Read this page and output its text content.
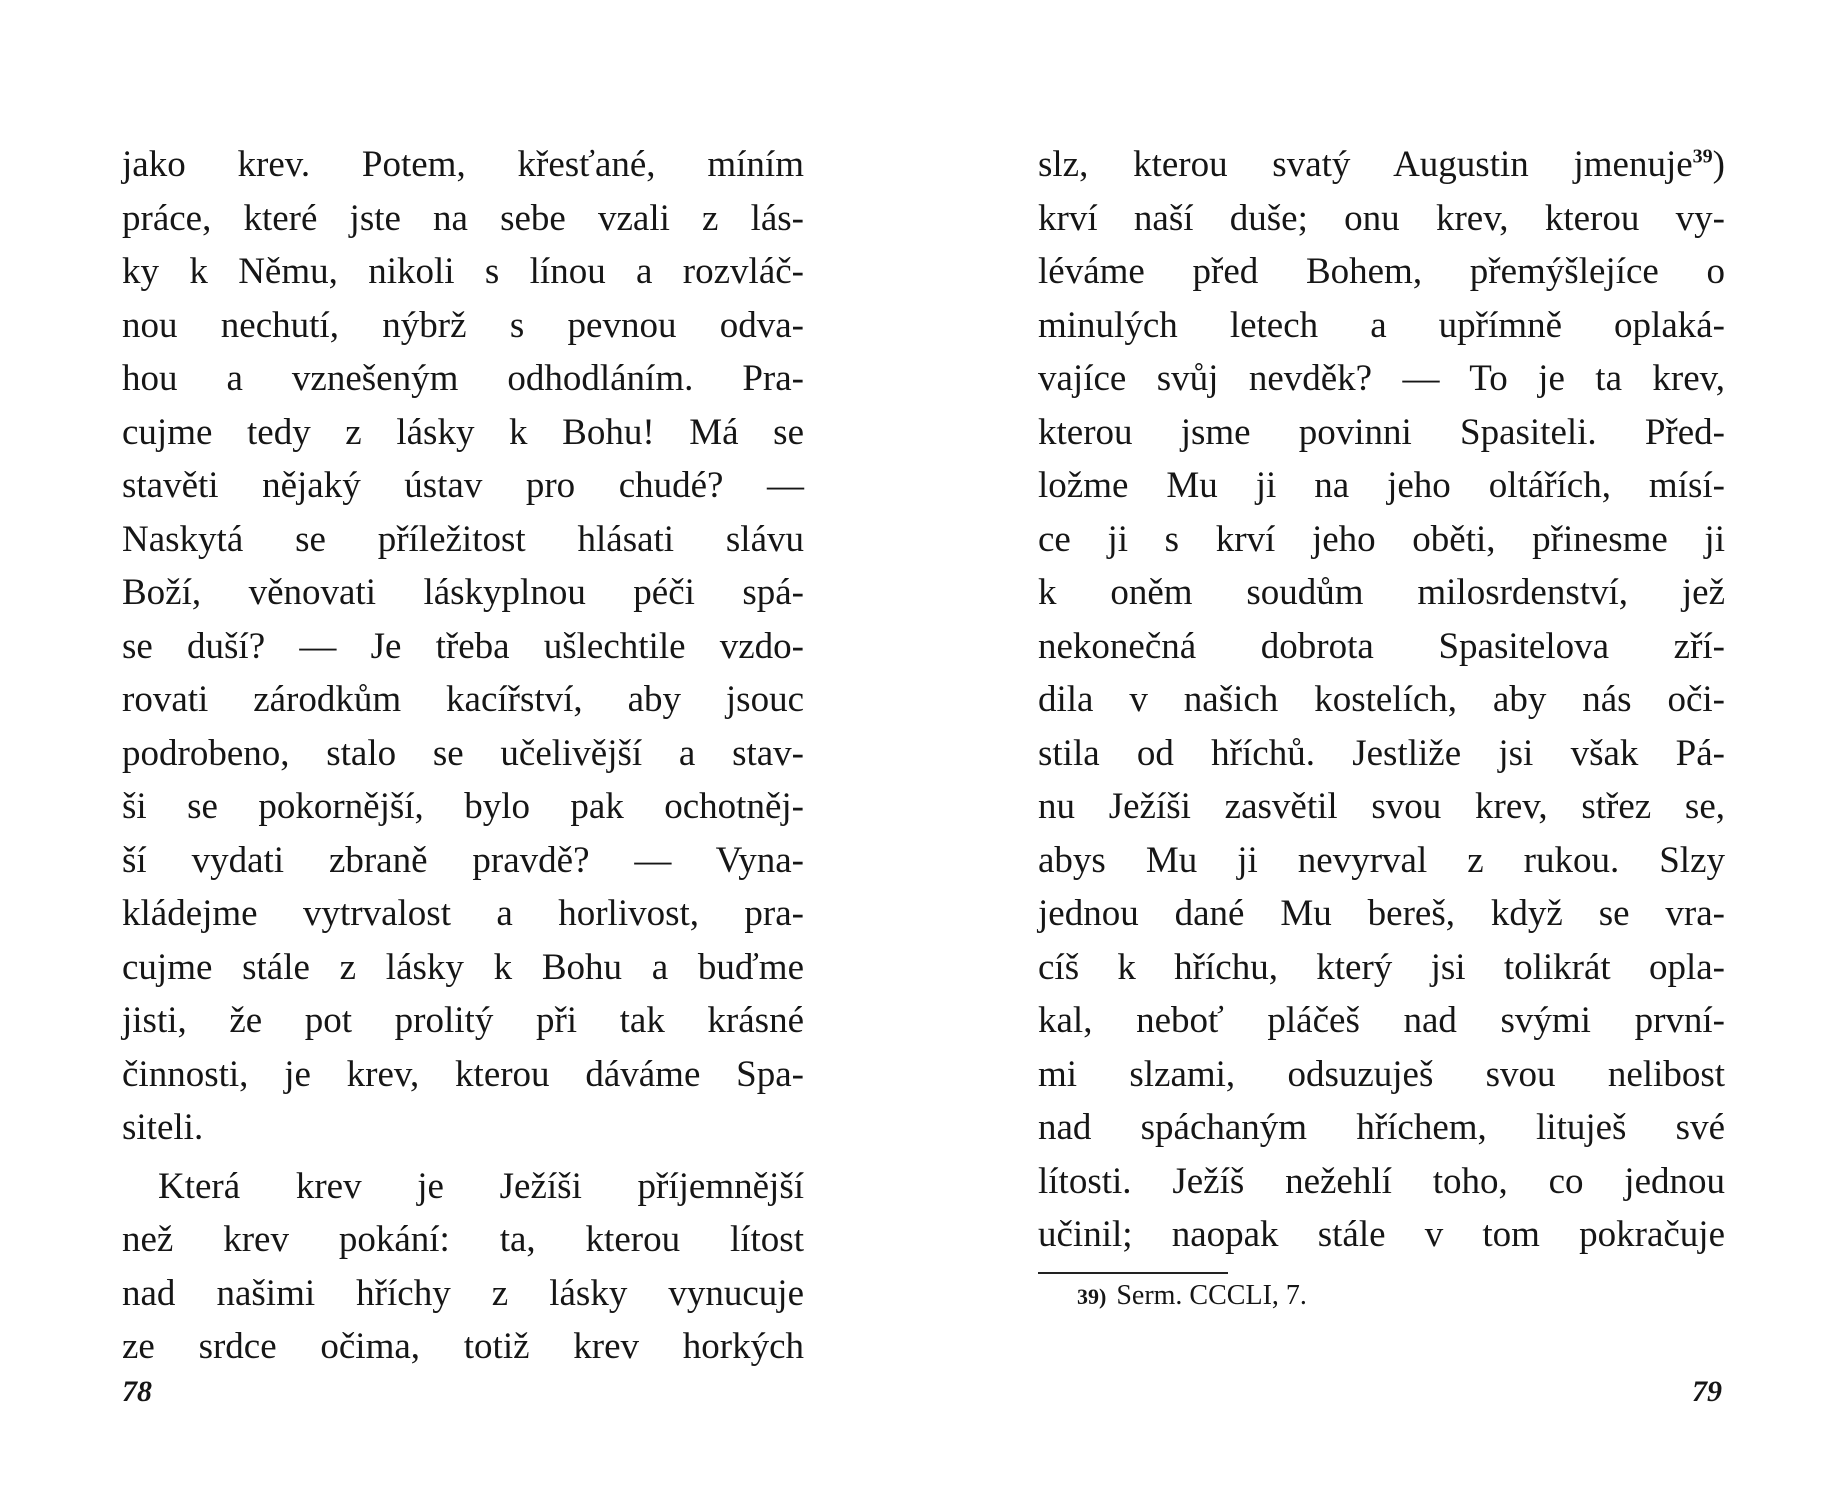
jako krev. Potem, křesťané, míním
práce, které jste na sebe vzali z lás-
ky k Němu, nikoli s línou a rozvláč-
nou nechutí, nýbrž s pevnou odva-
hou a vznešeným odhodláním. Pra-
cujme tedy z lásky k Bohu! Má se
stavěti nějaký ústav pro chudé? —
Naskytá se příležitost hlásati slávu
Boží, věnovati láskyplnou péči spá-
se duší? — Je třeba ušlechtile vzdo-
rovati zárodkům kacířství, aby jsouc
podrobeno, stalo se učelivější a stav-
ši se pokornější, bylo pak ochotněj-
ší vydati zbraně pravdě? — Vyna-
kládejme vytrvalost a horlivost, pra-
cujme stále z lásky k Bohu a buďme
jisti, že pot prolitý při tak krásné
činnosti, je krev, kterou dáváme Spa-
siteli.
Která krev je Ježíši příjemnější
než krev pokání: ta, kterou lítost
nad našimi hříchy z lásky vynucuje
ze srdce očima, totiž krev horkých
78
slz, kterou svatý Augustin jmenuje$^{39}$)
krví naší duše; onu krev, kterou vy-
léváme před Bohem, přemýšlejíce o
minulých letech a upřímně oplaká-
vajíce svůj nevděk? — To je ta krev,
kterou jsme povinni Spasiteli. Před-
ložme Mu ji na jeho oltářích, mísí-
ce ji s krví jeho oběti, přinesme ji
k oněm soudům milosrdenství, jež
nekonečná dobrota Spasitelova zří-
dila v našich kostelích, aby nás oči-
stila od hříchů. Jestliže jsi však Pá-
nu Ježíši zasvětil svou krev, střez se,
abys Mu ji nevyrval z rukou. Slzy
jednou dané Mu bereš, když se vra-
cíš k hříchu, který jsi tolikrát opla-
kal, neboť pláčeš nad svými první-
mi slzami, odsuzuješ svou nelibost
nad spáchaným hříchem, lituješ své
lítosti. Ježíš nežehlí toho, co jednou
učinil; naopak stále v tom pokračuje
39) Serm. CCCLI, 7.
79
